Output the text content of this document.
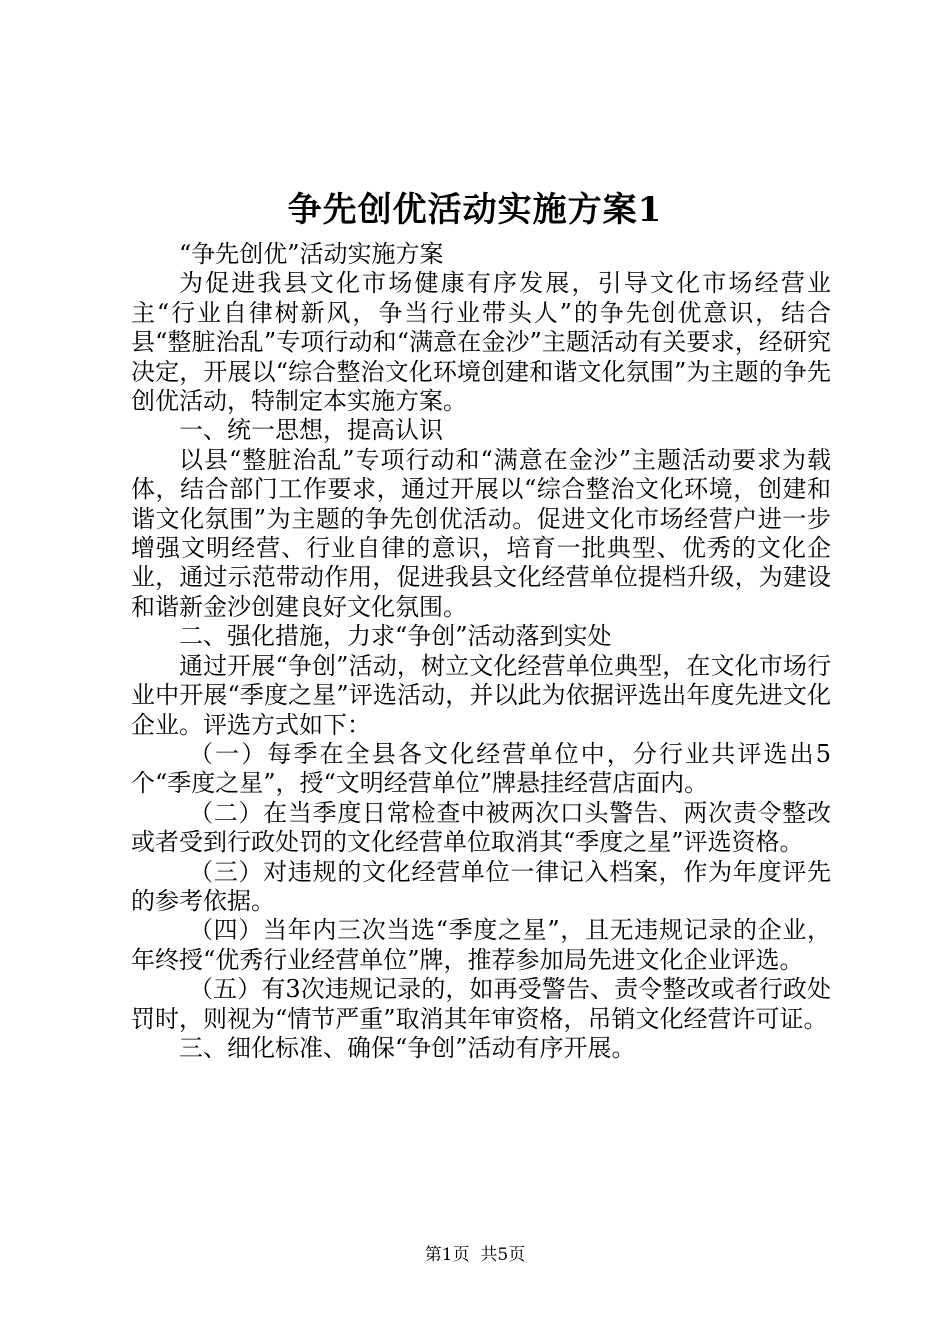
争先创优活动实施方案1

“争先创优”活动实施方案

为促进我县文化市场健康有序发展，引导文化市场经营业主“行业自律树新风，争当行业带头人”的争先创优意识，结合县“整脏治乱”专项行动和“满意在金沙”主题活动有关要求，经研究决定，开展以“综合整治文化环境创建和谐文化氛围”为主题的争先创优活动，特制定本实施方案。

一、统一思想，提高认识

以县“整脏治乱”专项行动和“满意在金沙”主题活动要求为载体，结合部门工作要求，通过开展以“综合整治文化环境，创建和谐文化氛围”为主题的争先创优活动。促进文化市场经营户进一步增强文明经营、行业自律的意识，培育一批典型、优秀的文化企业，通过示范带动作用，促进我县文化经营单位提档升级，为建设和谐新金沙创建良好文化氛围。

二、强化措施，力求“争创”活动落到实处

通过开展“争创”活动，树立文化经营单位典型，在文化市场行业中开展“季度之星”评选活动，并以此为依据评选出年度先进文化企业。评选方式如下：

（一）每季在全县各文化经营单位中，分行业共评选出5个“季度之星”，授“文明经营单位”牌悬挂经营店面内。

（二）在当季度日常检查中被两次口头警告、两次责令整改或者受到行政处罚的文化经营单位取消其“季度之星”评选资格。

（三）对违规的文化经营单位一律记入档案，作为年度评先的参考依据。

（四）当年内三次当选“季度之星”，且无违规记录的企业，年终授“优秀行业经营单位”牌，推荐参加局先进文化企业评选。

（五）有3次违规记录的，如再受警告、责令整改或者行政处罚时，则视为“情节严重”取消其年审资格，吊销文化经营许可证。

三、细化标准、确保“争创”活动有序开展。

第1页 共5页
